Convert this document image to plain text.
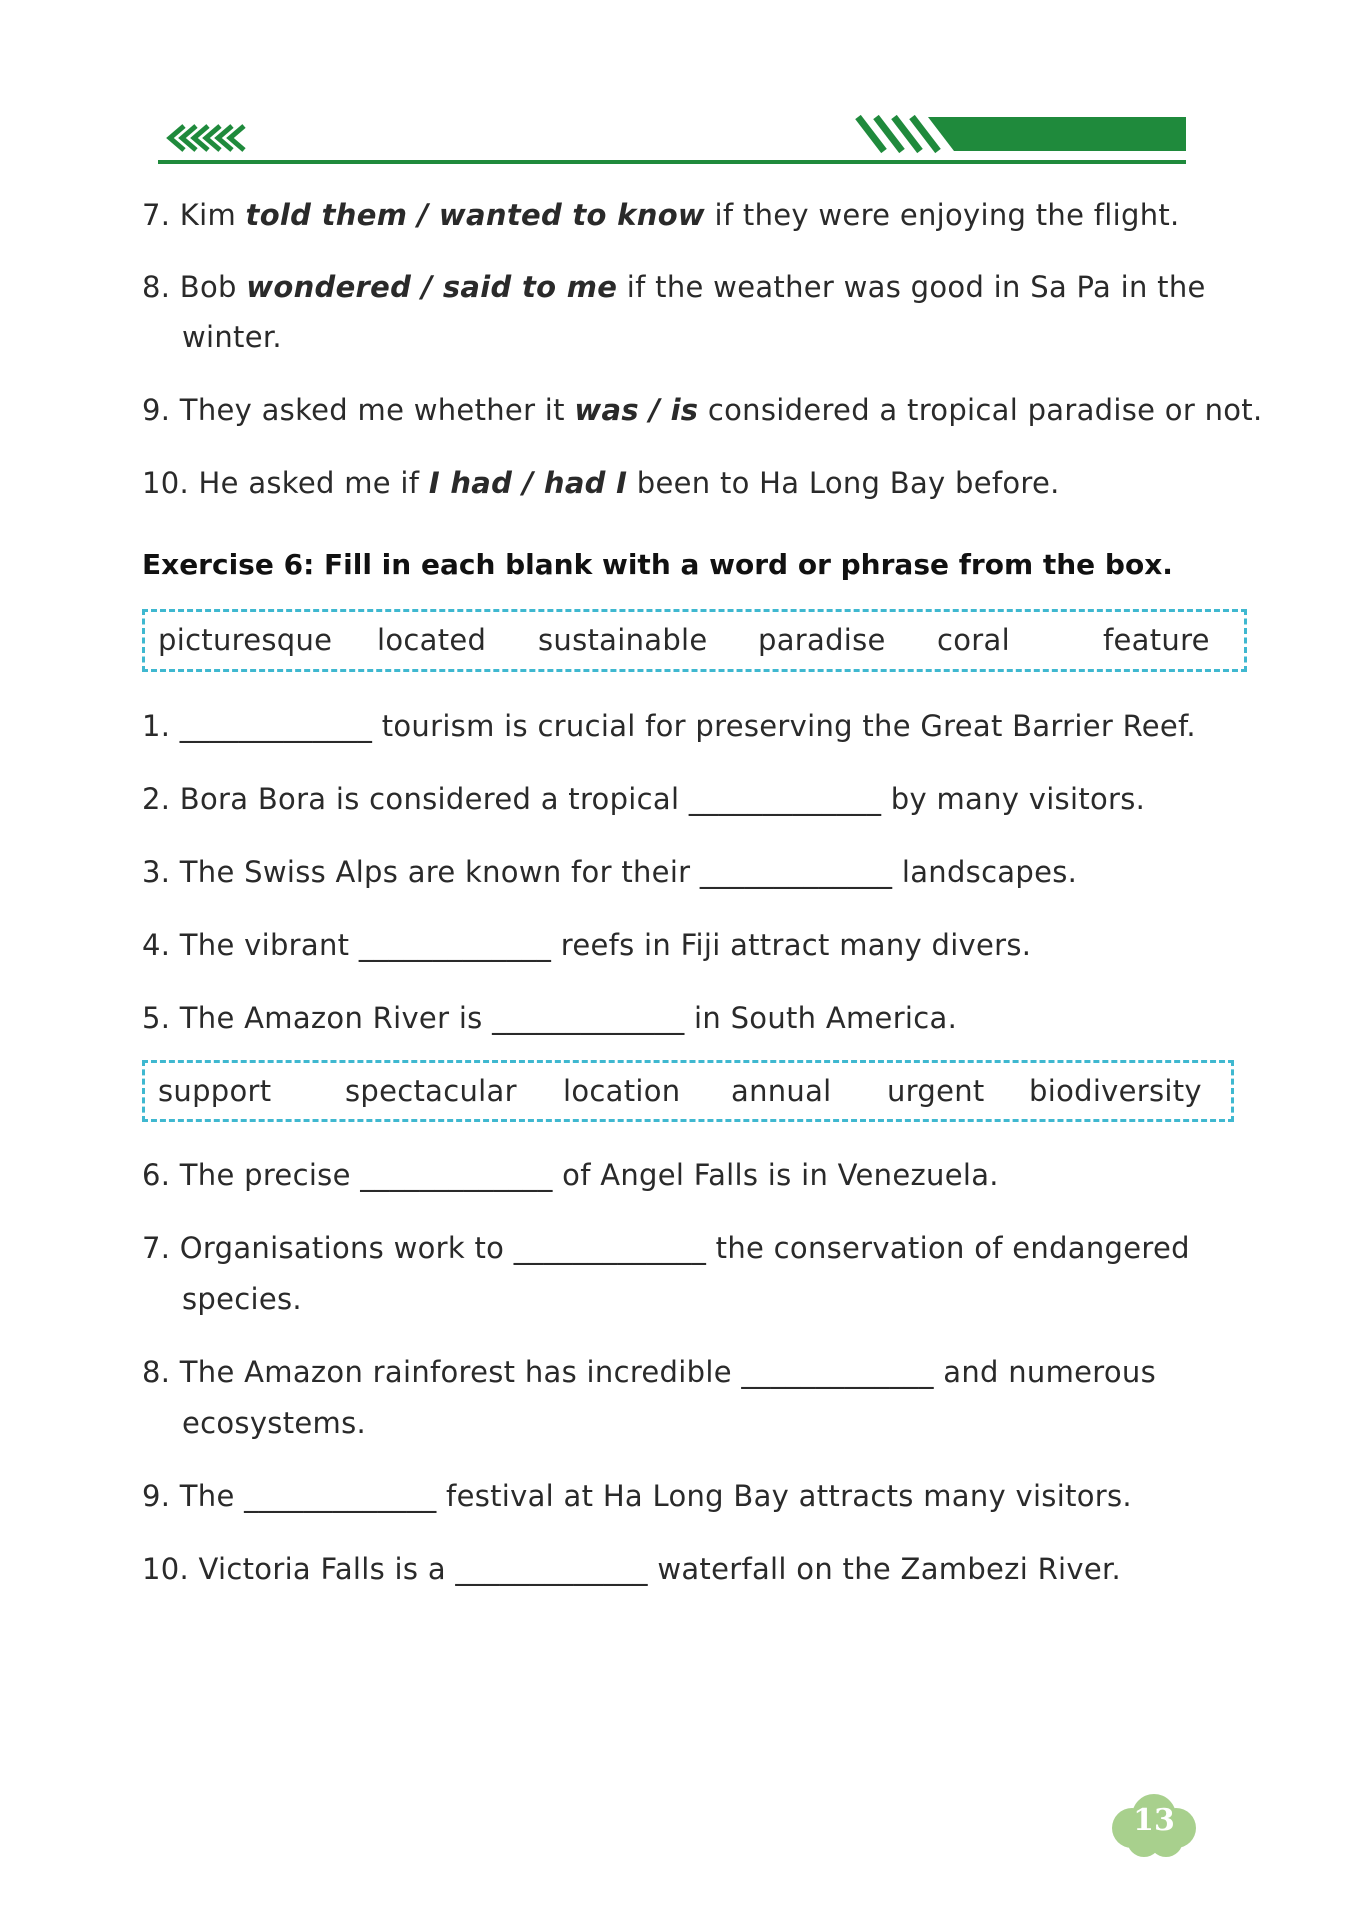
7. Kim told them / wanted to know if they were enjoying the flight.

8. Bob wondered / said to me if the weather was good in Sa Pa in the

winter.

9. They asked me whether it was / is considered a tropical paradise or not.

10. He asked me if I had / had I been to Ha Long Bay before.

Exercise 6: Fill in each blank with a word or phrase from the box.

picturesque located sustainable paradise coral	feature

1. _____________ tourism is crucial for preserving the Great Barrier Reef.

2. Bora Bora is considered a tropical _____________ by many visitors.

3. The Swiss Alps are known for their _____________ landscapes.

4. The vibrant _____________ reefs in Fiji attract many divers.

5. The Amazon River is _____________ in South America.

support	spectacular location annual urgent biodiversity

6. The precise _____________ of Angel Falls is in Venezuela.

7. Organisations work to _____________ the conservation of endangered

species.

8. The Amazon rainforest has incredible _____________ and numerous

ecosystems.

9. The _____________ festival at Ha Long Bay attracts many visitors.

10. Victoria Falls is a _____________ waterfall on the Zambezi River.

13
